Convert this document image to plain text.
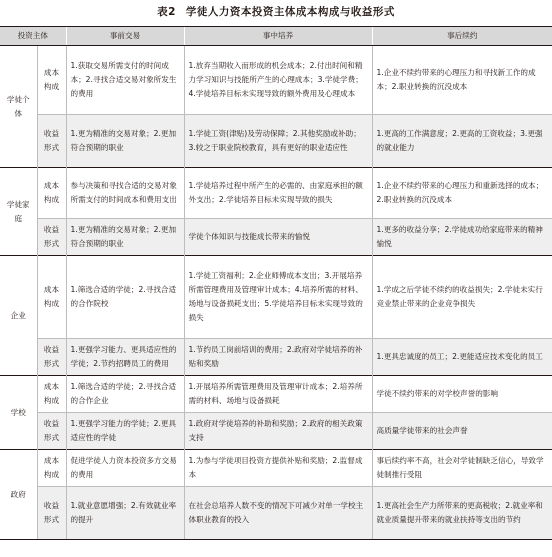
表2 学徒人力资本投资主体成本构成与收益形式
投资主体		事前交易	事中培养	事后续约
学徒个体	成本构成	1.获取交易所需支付的时间成本；2.寻找合适交易对象所发生的费用	1.放弃当期收入而形成的机会成本；2.付出时间和精力学习知识与技能所产生的心理成本；3.学徒学费；4.学徒培养目标未实现导致的额外费用及心理成本	1.企业不续约带来的心理压力和寻找新工作的成本；2.职业转换的沉没成本
	收益形式	1.更为精准的交易对象；2.更加符合预期的职业	1.学徒工资(津贴)及劳动保障；2.其他奖励或补助；3.较之于职业院校教育，具有更好的职业适应性	1.更高的工作满意度；2.更高的工资收益；3.更强的就业能力
学徒家庭	成本构成	参与决策和寻找合适的交易对象所需支付的时间成本和费用支出	1.学徒培养过程中所产生的必需的、由家庭承担的额外支出；2.学徒培养目标未实现导致的损失	1.企业不续约带来的心理压力和重新选择的成本；2.职业转换的沉没成本
	收益形式	1.更为精准的交易对象；2.更加符合预期的职业	学徒个体知识与技能成长带来的愉悦	1.更多的收益分享；2.学徒成功给家庭带来的精神愉悦
企业	成本构成	1.筛选合适的学徒；2.寻找合适的合作院校	1.学徒工资福利；2.企业师傅成本支出；3.开展培养所需管理费用及管理审计成本；4.培养所需的材料、场地与设备损耗支出；5.学徒培养目标未实现导致的损失	1.学成之后学徒不续约的收益损失；2.学徒未实行竞业禁止带来的企业竞争损失
	收益形式	1.更强学习能力、更具适应性的学徒；2.节约招聘员工的费用	1.节约员工岗前培训的费用；2.政府对学徒培养的补贴和奖励	1.更具忠诚度的员工；2.更能适应技术变化的员工
学校	成本构成	1.筛选合适的学徒；2.寻找合适的合作企业	1.开展培养所需管理费用及管理审计成本；2.培养所需的材料、场地与设备损耗	学徒不续约带来的对学校声誉的影响
	收益形式	1.更强学习能力的学徒；2.更具适应性的学徒	1.政府对学徒培养的补助和奖励；2.政府的相关政策支持	高质量学徒带来的社会声誉
政府	成本构成	促进学徒人力资本投资多方交易的费用	1.为参与学徒项目投资方提供补贴和奖励；2.监督成本	事后续约率不高，社会对学徒制缺乏信心，导致学徒制推行受阻
	收益形式	1.就业意愿增强；2.有效就业率的提升	在社会总培养人数不变的情况下可减少对单一学校主体职业教育的投入	1.更高社会生产力所带来的更高税收；2.就业率和就业质量提升带来的就业扶持等支出的节约
